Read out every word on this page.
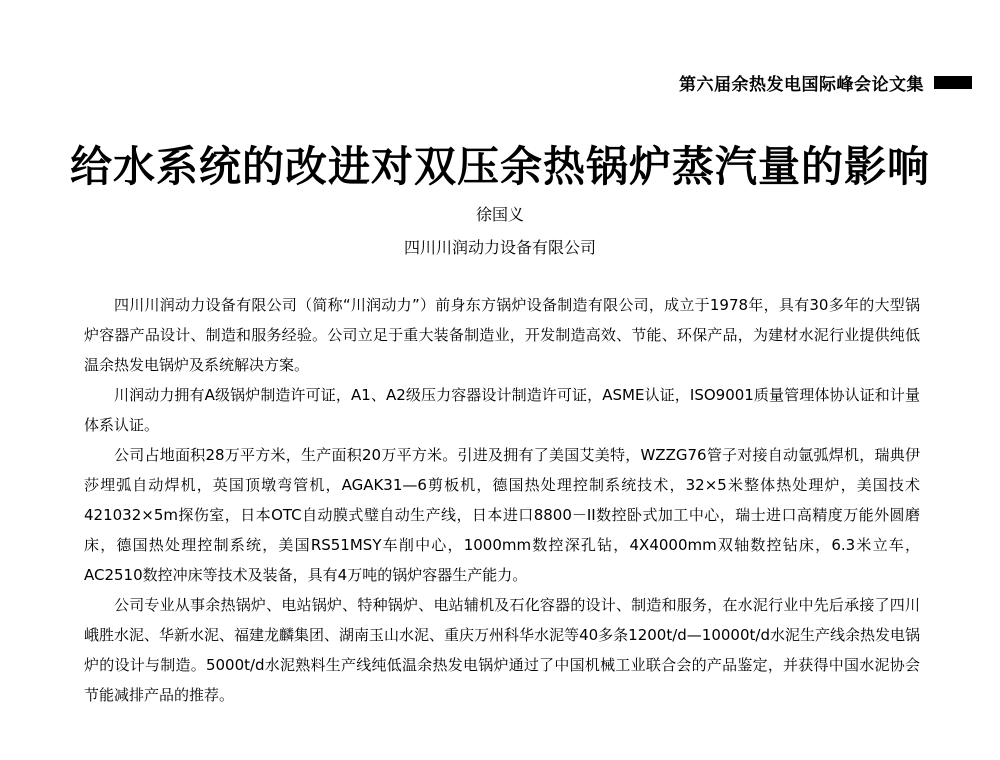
第六届余热发电国际峰会论文集
给水系统的改进对双压余热锅炉蒸汽量的影响
徐国义
四川川润动力设备有限公司

四川川润动力设备有限公司（简称“川润动力”）前身东方锅炉设备制造有限公司，成立于1978年，具有30多年的大型锅炉容器产品设计、制造和服务经验。公司立足于重大装备制造业，开发制造高效、节能、环保产品，为建材水泥行业提供纯低温余热发电锅炉及系统解决方案。

川润动力拥有A级锅炉制造许可证，A1、A2级压力容器设计制造许可证，ASME认证，ISO9001质量管理体协认证和计量体系认证。

公司占地面积28万平方米，生产面积20万平方米。引进及拥有了美国艾美特，WZZG76管子对接自动氩弧焊机，瑞典伊莎埋弧自动焊机，英国顶墩弯管机，AGAK31—6剪板机，德国热处理控制系统技术，32×5米整体热处理炉，美国技术421032×5m探伤室，日本OTC自动膜式璧自动生产线，日本进口8800－II数控卧式加工中心，瑞士进口高精度万能外圆磨床，德国热处理控制系统，美国RS51MSY车削中心，1000mm数控深孔钻，4X4000mm双轴数控钻床，6.3米立车，AC2510数控冲床等技术及装备，具有4万吨的锅炉容器生产能力。

公司专业从事余热锅炉、电站锅炉、特种锅炉、电站辅机及石化容器的设计、制造和服务，在水泥行业中先后承接了四川峨胜水泥、华新水泥、福建龙麟集团、湖南玉山水泥、重庆万州科华水泥等40多条1200t/d—10000t/d水泥生产线余热发电锅炉的设计与制造。5000t/d水泥熟料生产线纯低温余热发电锅炉通过了中国机械工业联合会的产品鉴定，并获得中国水泥协会节能减排产品的推荐。
